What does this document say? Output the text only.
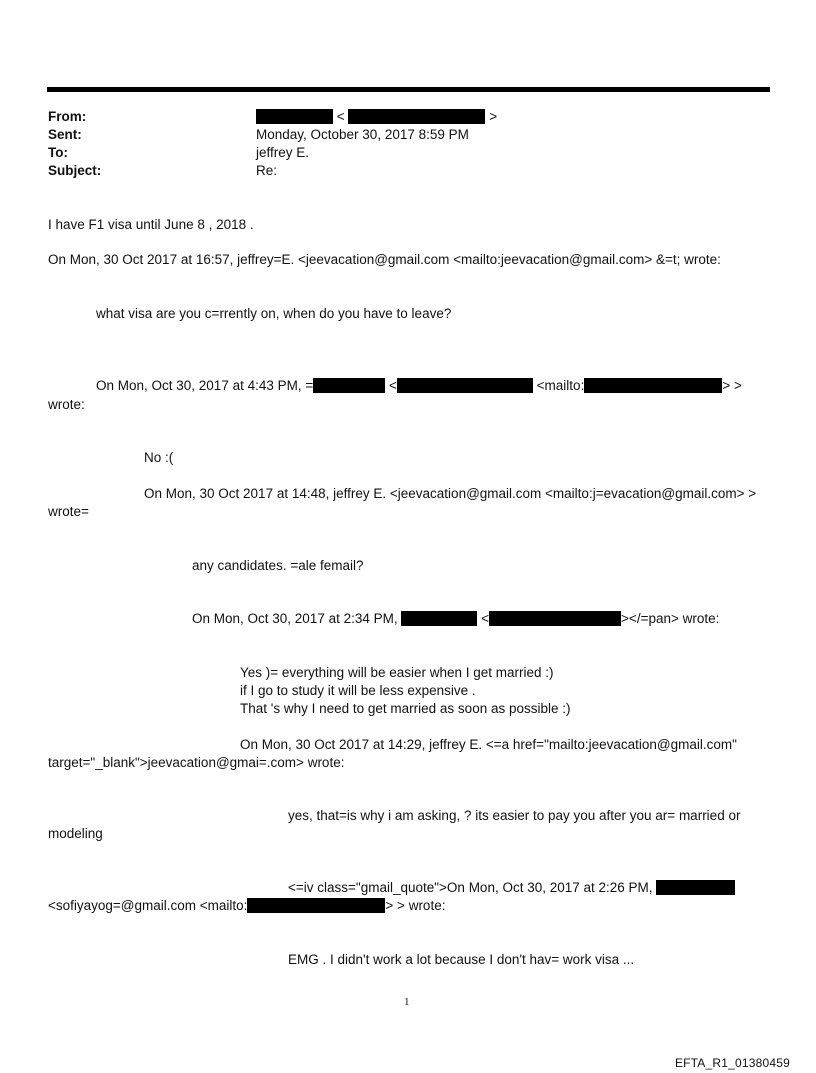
From:	<	>
Sent:	Monday, October 30, 2017 8:59 PM
To:	jeffrey E.
Subject:	Re:
I have F1 visa until June 8 , 2018 .
On Mon, 30 Oct 2017 at 16:57, jeffrey=E. <jeevacation@gmail.com <mailto:jeevacation@gmail.com> &=t; wrote:
what visa are you c=rrently on, when do you have to leave?
On Mon, Oct 30, 2017 at 4:43 PM, =	<	<mailto:	> >
wrote:
No :(
On Mon, 30 Oct 2017 at 14:48, jeffrey E. <jeevacation@gmail.com <mailto:j=evacation@gmail.com> >
wrote=
any candidates. =ale femail?
On Mon, Oct 30, 2017 at 2:34 PM,	<	></=pan> wrote:
Yes )= everything will be easier when I get married :)
if I go to study it will be less expensive .
That 's why I need to get married as soon as possible :)
On Mon, 30 Oct 2017 at 14:29, jeffrey E. <=a href="mailto:jeevacation@gmail.com"
target="_blank">jeevacation@gmai=.com> wrote:
yes, that=is why i am asking, ? its easier to pay you after you ar= married or
modeling
<=iv class="gmail_quote">On Mon, Oct 30, 2017 at 2:26 PM,
<sofiyayog=@gmail.com <mailto:	> > wrote:
EMG . I didn't work a lot because I don't hav= work visa ...
1
EFTA_R1_01380459
